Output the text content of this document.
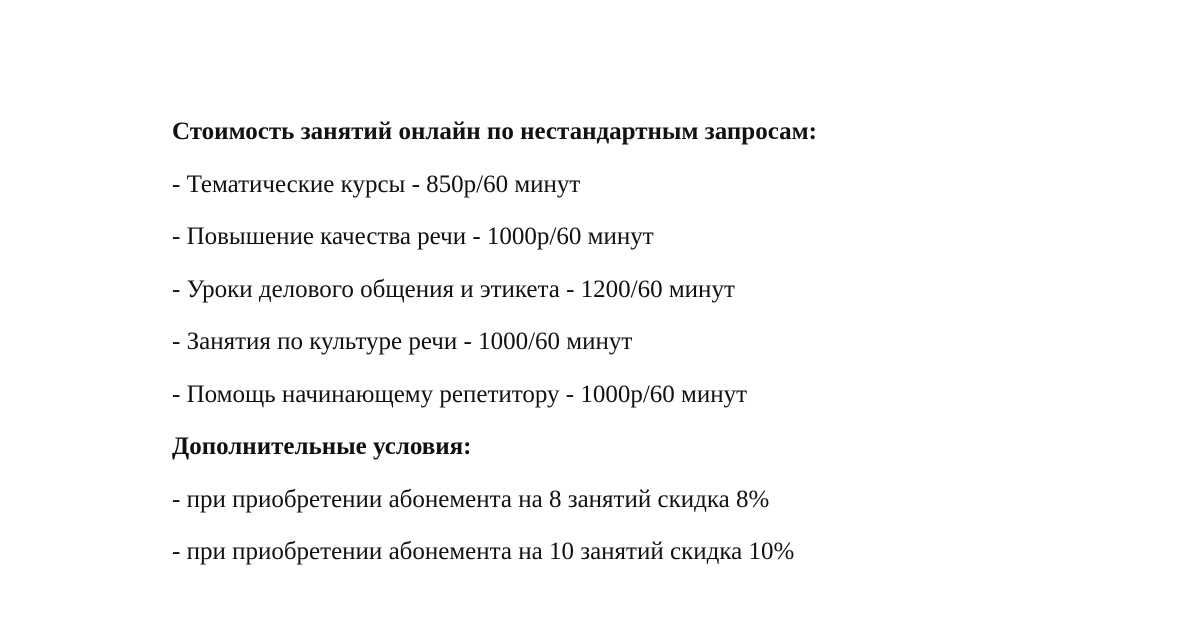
Стоимость занятий онлайн по нестандартным запросам:
- Тематические курсы - 850р/60 минут
- Повышение качества речи - 1000р/60 минут
- Уроки делового общения и этикета - 1200/60 минут
- Занятия по культуре речи - 1000/60 минут
- Помощь начинающему репетитору - 1000р/60 минут
Дополнительные условия:
- при приобретении абонемента на 8 занятий скидка 8%
- при приобретении абонемента на 10 занятий скидка 10%
